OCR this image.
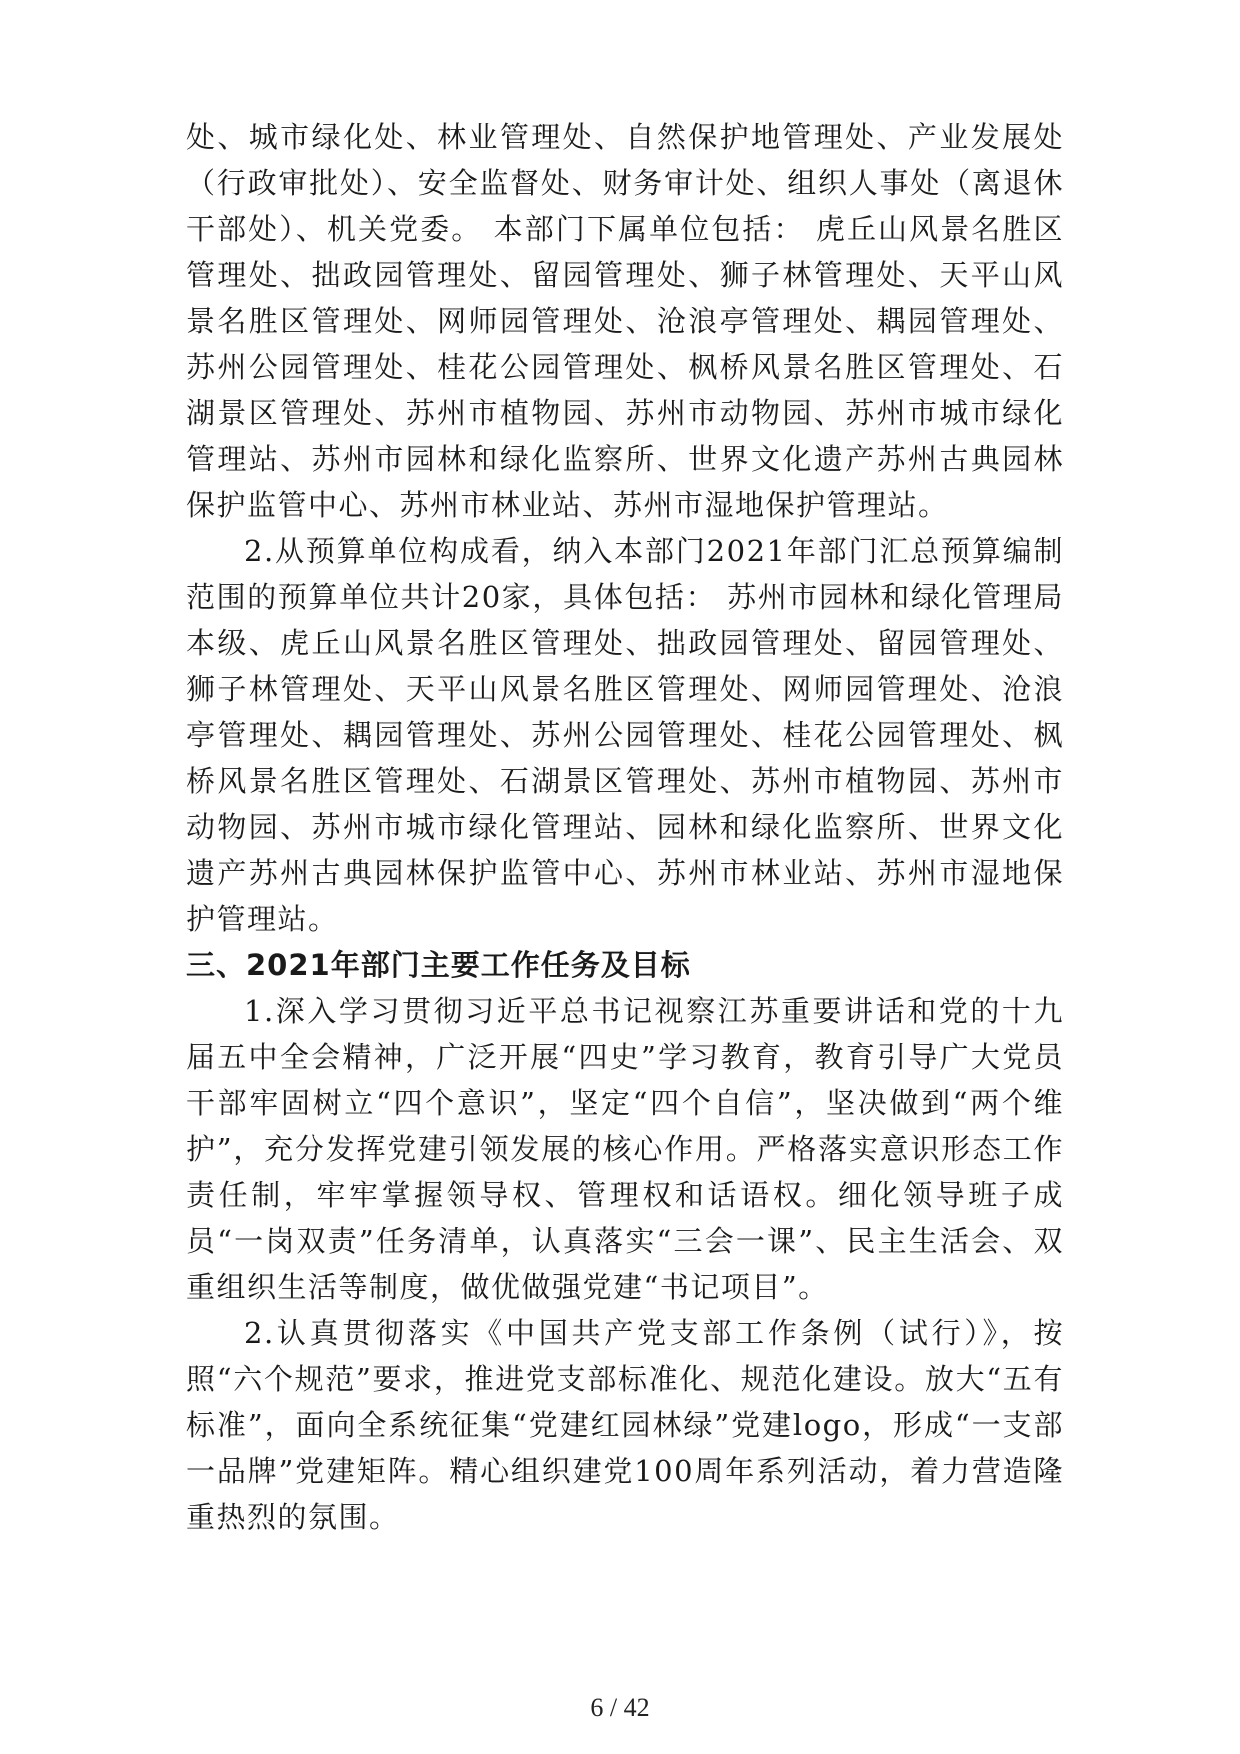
处、城市绿化处、林业管理处、自然保护地管理处、产业发展处（行政审批处）、安全监督处、财务审计处、组织人事处（离退休干部处）、机关党委。 本部门下属单位包括： 虎丘山风景名胜区管理处、拙政园管理处、留园管理处、狮子林管理处、天平山风景名胜区管理处、网师园管理处、沧浪亭管理处、耦园管理处、苏州公园管理处、桂花公园管理处、枫桥风景名胜区管理处、石湖景区管理处、苏州市植物园、苏州市动物园、苏州市城市绿化管理站、苏州市园林和绿化监察所、世界文化遗产苏州古典园林保护监管中心、苏州市林业站、苏州市湿地保护管理站。

2.从预算单位构成看，纳入本部门2021年部门汇总预算编制范围的预算单位共计20家，具体包括： 苏州市园林和绿化管理局本级、虎丘山风景名胜区管理处、拙政园管理处、留园管理处、狮子林管理处、天平山风景名胜区管理处、网师园管理处、沧浪亭管理处、耦园管理处、苏州公园管理处、桂花公园管理处、枫桥风景名胜区管理处、石湖景区管理处、苏州市植物园、苏州市动物园、苏州市城市绿化管理站、园林和绿化监察所、世界文化遗产苏州古典园林保护监管中心、苏州市林业站、苏州市湿地保护管理站。

三、2021年部门主要工作任务及目标

1.深入学习贯彻习近平总书记视察江苏重要讲话和党的十九届五中全会精神，广泛开展“四史”学习教育，教育引导广大党员干部牢固树立“四个意识”，坚定“四个自信”，坚决做到“两个维护”，充分发挥党建引领发展的核心作用。严格落实意识形态工作责任制，牢牢掌握领导权、管理权和话语权。细化领导班子成员“一岗双责”任务清单，认真落实“三会一课”、民主生活会、双重组织生活等制度，做优做强党建“书记项目”。

2.认真贯彻落实《中国共产党支部工作条例（试行）》，按照“六个规范”要求，推进党支部标准化、规范化建设。放大“五有标准”，面向全系统征集“党建红园林绿”党建logo，形成“一支部一品牌”党建矩阵。精心组织建党100周年系列活动，着力营造隆重热烈的氛围。

6 / 42
